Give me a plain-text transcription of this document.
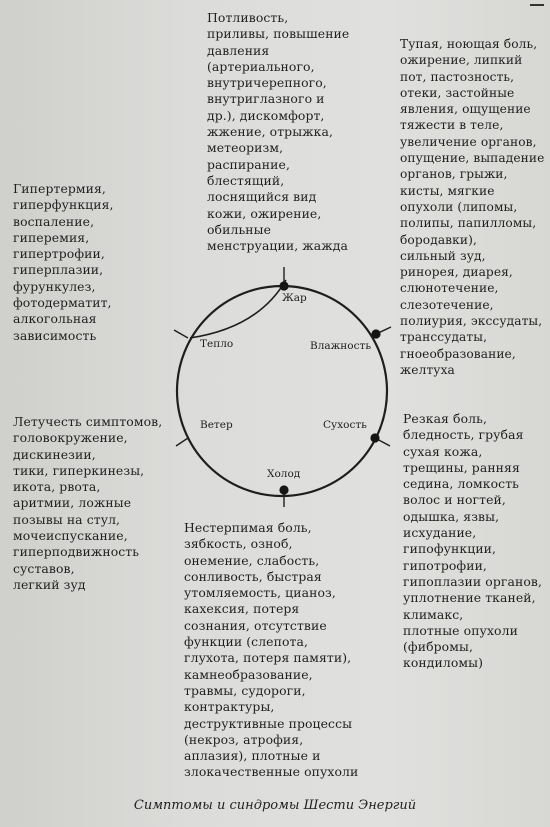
Потливость,
приливы, повышение
давления
(артериального,
внутричерепного,
внутриглазного и
др.), дискомфорт,
жжение, отрыжка,
метеоризм,
распирание,
блестящий,
лоснящийся вид
кожи, ожирение,
обильные
менструации, жажда
Тупая, ноющая боль,
ожирение, липкий
пот, пастозность,
отеки, застойные
явления, ощущение
тяжести в теле,
увеличение органов,
опущение, выпадение
органов, грыжи,
кисты, мягкие
опухоли (липомы,
полипы, папилломы,
бородавки),
сильный зуд,
ринорея, диарея,
слюнотечение,
слезотечение,
полиурия, экссудаты,
транссудаты,
гноеобразование,
желтуха
Гипертермия,
гиперфункция,
воспаление,
гиперемия,
гипертрофии,
гиперплазии,
фурункулез,
фотодерматит,
алкогольная
зависимость
Летучесть симптомов,
головокружение,
дискинезии,
тики, гиперкинезы,
икота, рвота,
аритмии, ложные
позывы на стул,
мочеиспускание,
гиперподвижность
суставов,
легкий зуд
Нестерпимая боль,
зябкость, озноб,
онемение, слабость,
сонливость, быстрая
утомляемость, цианоз,
кахексия, потеря
сознания, отсутствие
функции (слепота,
глухота, потеря памяти),
камнеобразование,
травмы, судороги,
контрактуры,
деструктивные процессы
(некроз, атрофия,
аплазия), плотные и
злокачественные опухоли
Резкая боль,
бледность, грубая
сухая кожа,
трещины, ранняя
седина, ломкость
волос и ногтей,
одышка, язвы,
исхудание,
гипофункции,
гипотрофии,
гипоплазии органов,
уплотнение тканей,
климакс,
плотные опухоли
(фибромы,
кондиломы)
Жар
Влажность
Сухость
Холод
Ветер
Тепло
Симптомы и синдромы Шести Энергий
